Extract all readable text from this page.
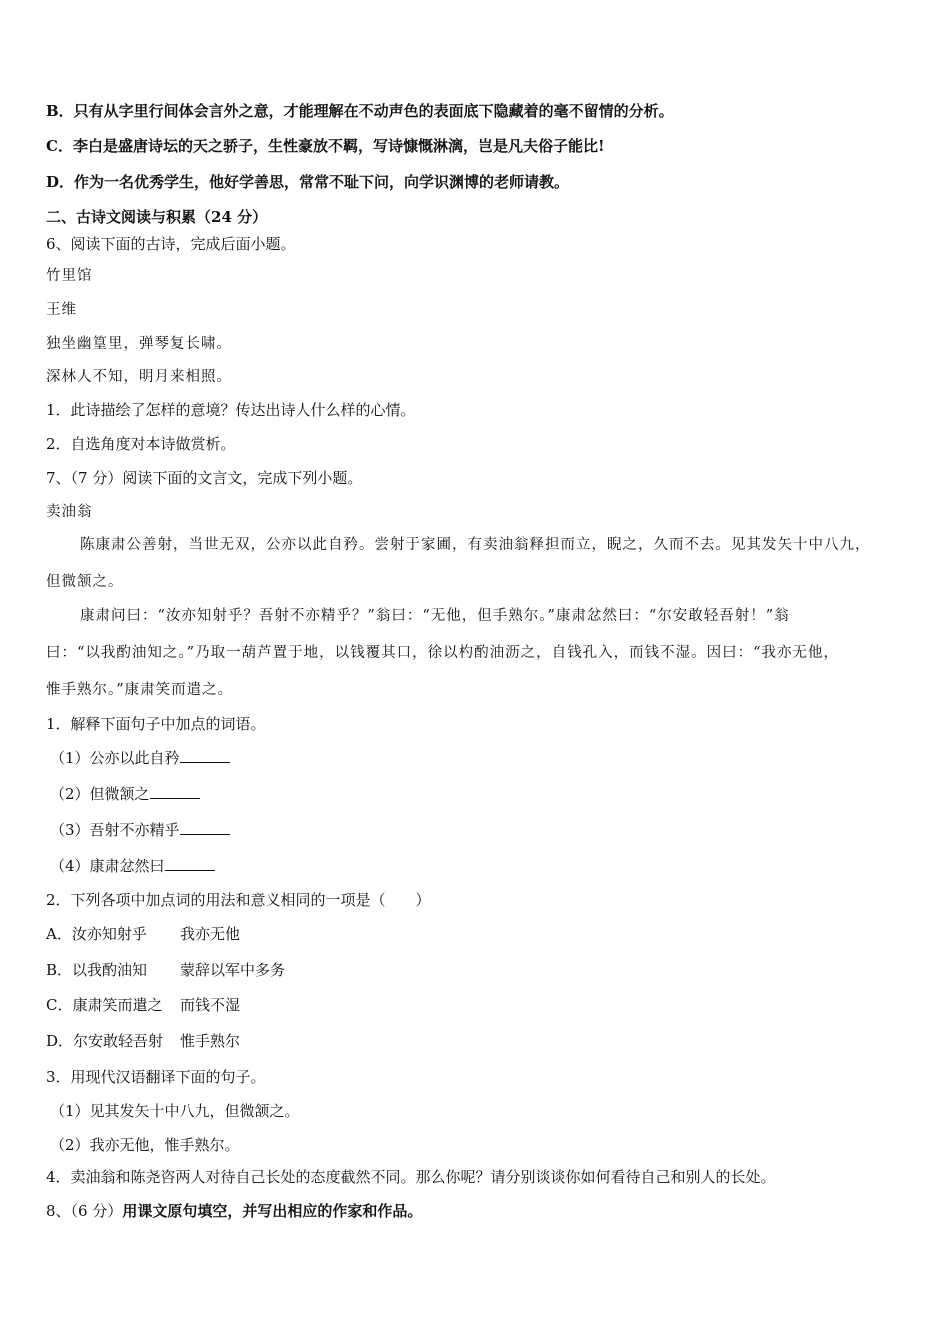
B．只有从字里行间体会言外之意，才能理解在不动声色的表面底下隐藏着的毫不留情的分析。
C．李白是盛唐诗坛的天之骄子，生性豪放不羁，写诗慷慨淋漓，岂是凡夫俗子能比!
D．作为一名优秀学生，他好学善思，常常不耻下问，向学识渊博的老师请教。
二、古诗文阅读与积累（24 分）
6、阅读下面的古诗，完成后面小题。
竹里馆
王维
独坐幽篁里，弹琴复长啸。
深林人不知，明月来相照。
1．此诗描绘了怎样的意境？传达出诗人什么样的心情。
2．自选角度对本诗做赏析。
7、（7 分）阅读下面的文言文，完成下列小题。
卖油翁
陈康肃公善射，当世无双，公亦以此自矜。尝射于家圃，有卖油翁释担而立，睨之，久而不去。见其发矢十中八九，
但微颔之。
康肃问曰：“汝亦知射乎？吾射不亦精乎？”翁曰：“无他，但手熟尔。”康肃忿然曰：“尔安敢轻吾射！”翁
曰：“以我酌油知之。”乃取一葫芦置于地，以钱覆其口，徐以杓酌油沥之，自钱孔入，而钱不湿。因曰：“我亦无他，
惟手熟尔。”康肃笑而遣之。
1．解释下面句子中加点的词语。
（1）公亦以此自矜
（2）但微颔之
（3）吾射不亦精乎
（4）康肃忿然曰
2．下列各项中加点词的用法和意义相同的一项是（　　）
A．汝亦知射乎 我亦无他
B．以我酌油知 蒙辞以军中多务
C．康肃笑而遣之 而钱不湿
D．尔安敢轻吾射 惟手熟尔
3．用现代汉语翻译下面的句子。
（1）见其发矢十中八九，但微颔之。
（2）我亦无他，惟手熟尔。
4．卖油翁和陈尧咨两人对待自己长处的态度截然不同。那么你呢？请分别谈谈你如何看待自己和别人的长处。
8、（6 分）用课文原句填空，并写出相应的作家和作品。
